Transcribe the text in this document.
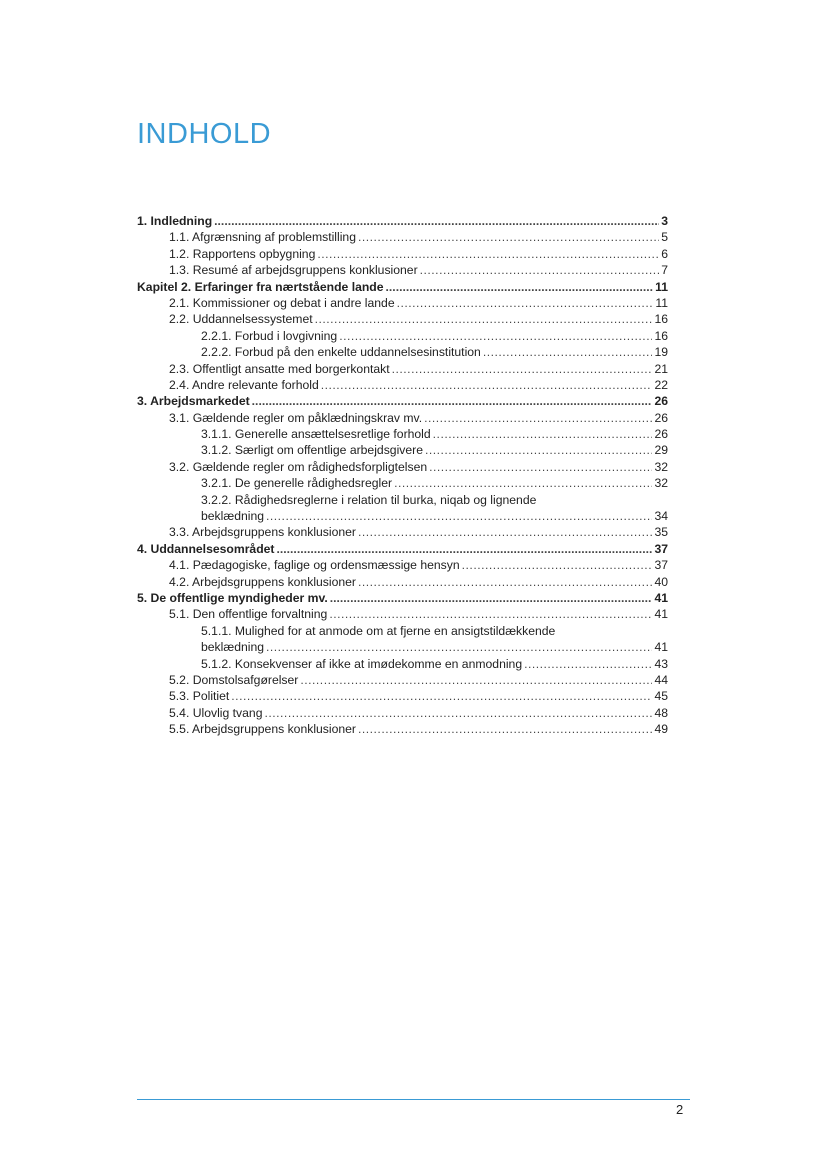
INDHOLD
1. Indledning .....	3
1.1. Afgrænsning af problemstilling .....	5
1.2. Rapportens opbygning .....	6
1.3. Resumé af arbejdsgruppens konklusioner .....	7
Kapitel 2. Erfaringer fra nærtstående lande .....	11
2.1. Kommissioner og debat i andre lande .....	11
2.2. Uddannelsessystemet .....	16
2.2.1. Forbud i lovgivning .....	16
2.2.2. Forbud på den enkelte uddannelsesinstitution .....	19
2.3. Offentligt ansatte med borgerkontakt .....	21
2.4. Andre relevante forhold .....	22
3. Arbejdsmarkedet .....	26
3.1. Gældende regler om påklædningskrav mv. .....	26
3.1.1. Generelle ansættelsesretlige forhold .....	26
3.1.2. Særligt om offentlige arbejdsgivere .....	29
3.2. Gældende regler om rådighedsforpligtelsen .....	32
3.2.1. De generelle rådighedsregler .....	32
3.2.2. Rådighedsreglerne i relation til burka, niqab og lignende
beklædning .....	34
3.3. Arbejdsgruppens konklusioner .....	35
4. Uddannelsesområdet .....	37
4.1. Pædagogiske, faglige og ordensmæssige hensyn .....	37
4.2. Arbejdsgruppens konklusioner .....	40
5. De offentlige myndigheder mv. .....	41
5.1. Den offentlige forvaltning .....	41
5.1.1. Mulighed for at anmode om at fjerne en ansigtstildækkende
beklædning .....	41
5.1.2. Konsekvenser af ikke at imødekomme en anmodning .....	43
5.2. Domstolsafgørelser .....	44
5.3. Politiet .....	45
5.4. Ulovlig tvang .....	48
5.5. Arbejdsgruppens konklusioner .....	49
2
